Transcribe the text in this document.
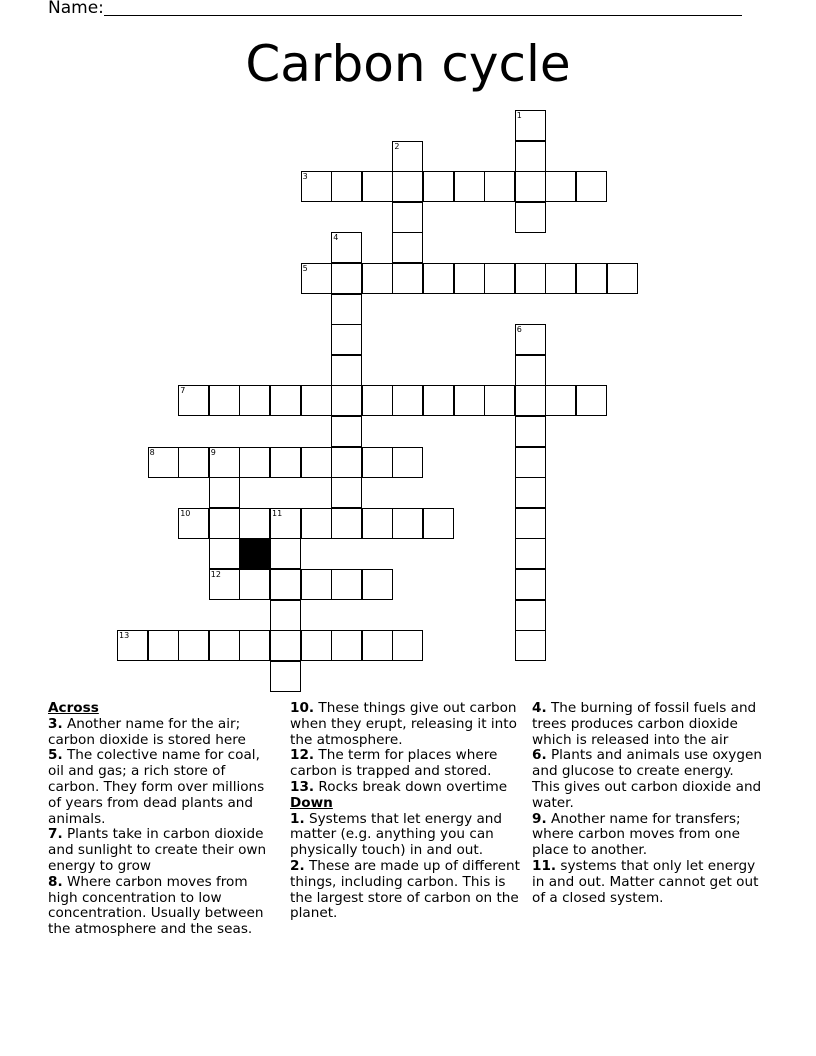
Name:
Carbon cycle
1
2
3
4
5
6
7
8	9
12
10	11
13
Across
3. Another name for the air; carbon dioxide is stored here
5. The colective name for coal, oil and gas; a rich store of carbon. They form over millions of years from dead plants and animals.
7. Plants take in carbon dioxide and sunlight to create their own energy to grow
8. Where carbon moves from high concentration to low concentration. Usually between the atmosphere and the seas.
10. These things give out carbon when they erupt, releasing it into the atmosphere.
12. The term for places where carbon is trapped and stored.
13. Rocks break down overtime
Down
1. Systems that let energy and matter (e.g. anything you can physically touch) in and out.
2. These are made up of different things, including carbon. This is the largest store of carbon on the planet.
4. The burning of fossil fuels and trees produces carbon dioxide which is released into the air
6. Plants and animals use oxygen and glucose to create energy. This gives out carbon dioxide and water.
9. Another name for transfers; where carbon moves from one place to another.
11. systems that only let energy in and out. Matter cannot get out of a closed system.
